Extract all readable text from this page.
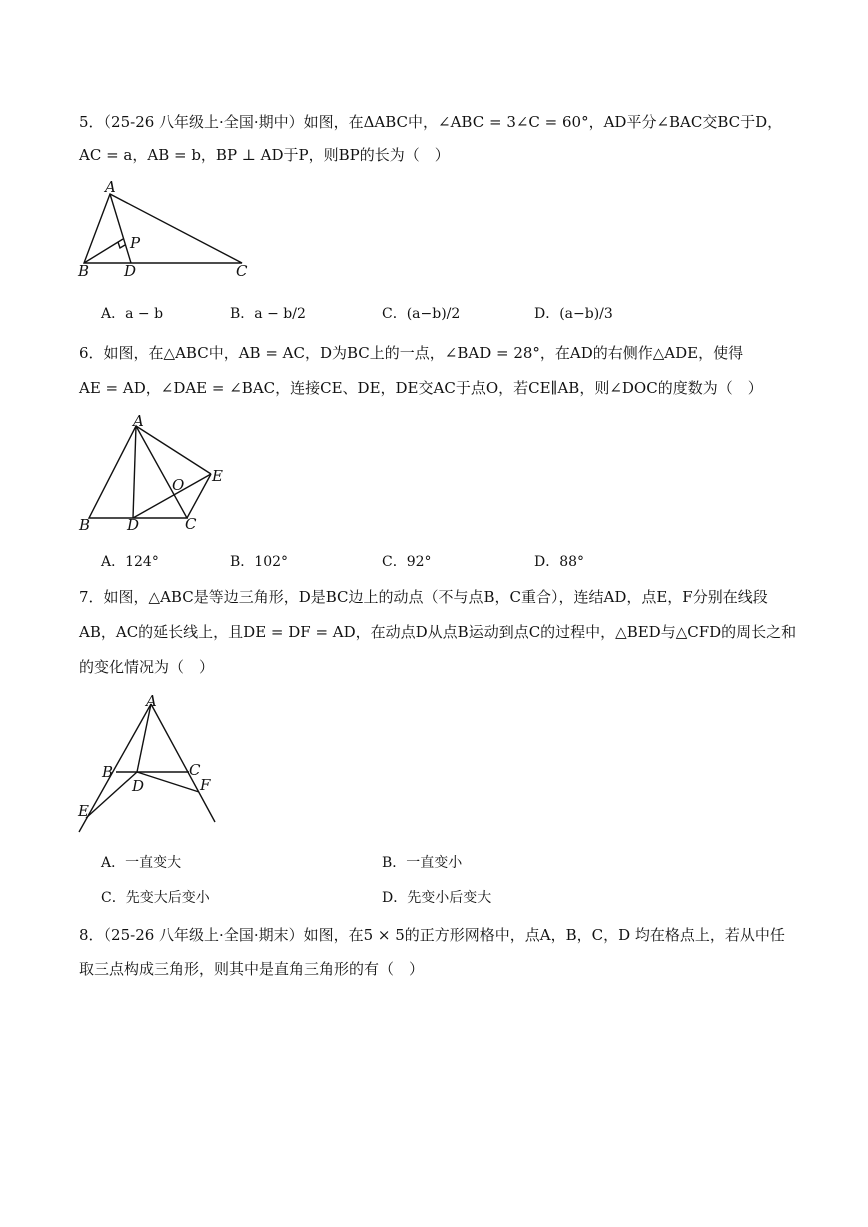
5．（25-26 八年级上·全国·期中）如图，在ΔABC中，∠ABC = 3∠C = 60°，AD平分∠BAC交BC于D，
AC = a，AB = b，BP ⊥ AD于P，则BP的长为（　）
A
B	C
D
P
A．a − b	B．a − b/2	C．(a−b)/2	D．(a−b)/3
6．如图，在△ABC中，AB = AC，D为BC上的一点，∠BAD = 28°，在AD的右侧作△ADE，使得
AE = AD，∠DAE = ∠BAC，连接CE、DE，DE交AC于点O，若CE∥AB，则∠DOC的度数为（　）
A
B	C
D
E
O
A．124°	B．102°	C．92°	D．88°
7．如图，△ABC是等边三角形，D是BC边上的动点（不与点B，C重合），连结AD，点E，F分别在线段
AB，AC的延长线上，且DE = DF = AD，在动点D从点B运动到点C的过程中，△BED与△CFD的周长之和
的变化情况为（　）
A
B	C
D
E
F
A．一直变大	B．一直变小
C．先变大后变小	D．先变小后变大
8．（25-26 八年级上·全国·期末）如图，在5 × 5的正方形网格中，点A，B，C，D 均在格点上，若从中任
取三点构成三角形，则其中是直角三角形的有（　）
